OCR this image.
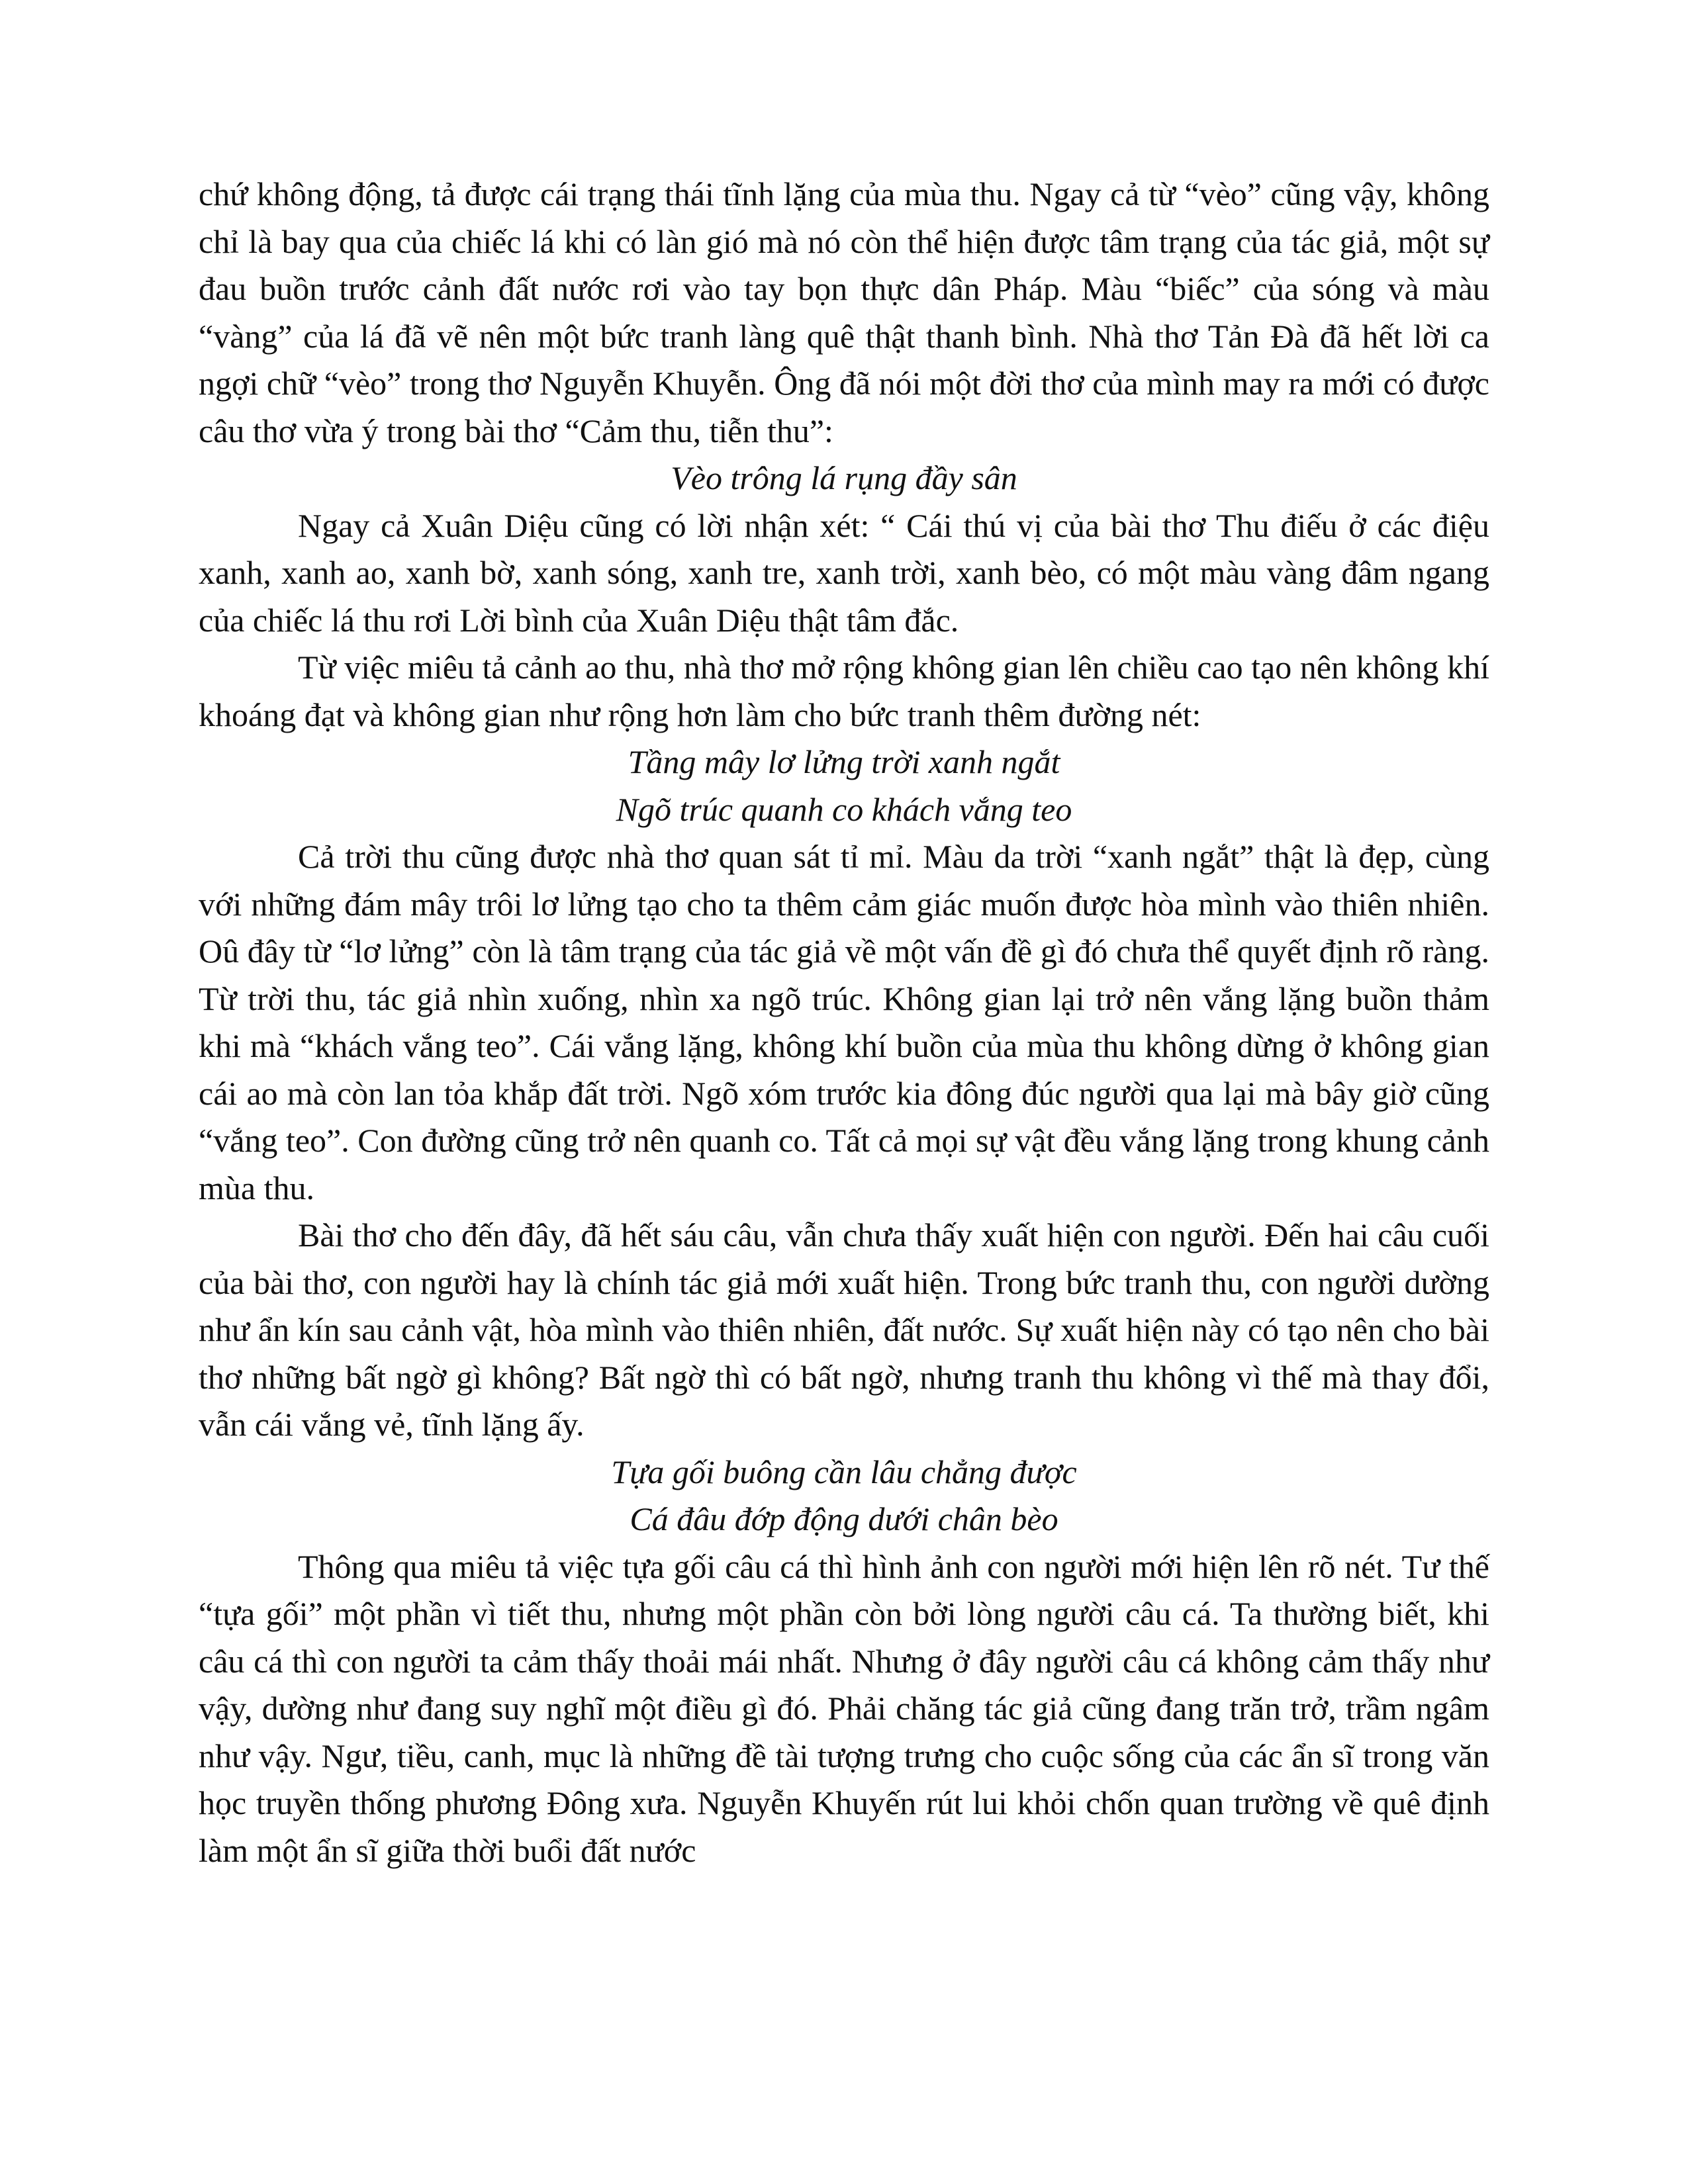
chứ không động, tả được cái trạng thái tĩnh lặng của mùa thu. Ngay cả từ “vèo” cũng vậy, không chỉ là bay qua của chiếc lá khi có làn gió mà nó còn thể hiện được tâm trạng của tác giả, một sự đau buồn trước cảnh đất nước rơi vào tay bọn thực dân Pháp. Màu “biếc” của sóng và màu “vàng” của lá đã vẽ nên một bức tranh làng quê thật thanh bình. Nhà thơ Tản Đà đã hết lời ca ngợi chữ “vèo” trong thơ Nguyễn Khuyễn. Ông đã nói một đời thơ của mình may ra mới có được câu thơ vừa ý trong bài thơ “Cảm thu, tiễn thu”:

Vèo trông lá rụng đầy sân

Ngay cả Xuân Diệu cũng có lời nhận xét: “ Cái thú vị của bài thơ Thu điếu ở các điệu xanh, xanh ao, xanh bờ, xanh sóng, xanh tre, xanh trời, xanh bèo, có một màu vàng đâm ngang của chiếc lá thu rơi Lời bình của Xuân Diệu thật tâm đắc.

Từ việc miêu tả cảnh ao thu, nhà thơ mở rộng không gian lên chiều cao tạo nên không khí khoáng đạt và không gian như rộng hơn làm cho bức tranh thêm đường nét:

Tầng mây lơ lửng trời xanh ngắt

Ngõ trúc quanh co khách vắng teo

Cả trời thu cũng được nhà thơ quan sát tỉ mỉ. Màu da trời “xanh ngắt” thật là đẹp, cùng với những đám mây trôi lơ lửng tạo cho ta thêm cảm giác muốn được hòa mình vào thiên nhiên. Oû đây từ “lơ lửng” còn là tâm trạng của tác giả về một vấn đề gì đó chưa thể quyết định rõ ràng. Từ trời thu, tác giả nhìn xuống, nhìn xa ngõ trúc. Không gian lại trở nên vắng lặng buồn thảm khi mà “khách vắng teo”. Cái vắng lặng, không khí buồn của mùa thu không dừng ở không gian cái ao mà còn lan tỏa khắp đất trời. Ngõ xóm trước kia đông đúc người qua lại mà bây giờ cũng “vắng teo”. Con đường cũng trở nên quanh co. Tất cả mọi sự vật đều vắng lặng trong khung cảnh mùa thu.

Bài thơ cho đến đây, đã hết sáu câu, vẫn chưa thấy xuất hiện con người. Đến hai câu cuối của bài thơ, con người hay là chính tác giả mới xuất hiện. Trong bức tranh thu, con người dường như ẩn kín sau cảnh vật, hòa mình vào thiên nhiên, đất nước. Sự xuất hiện này có tạo nên cho bài thơ những bất ngờ gì không? Bất ngờ thì có bất ngờ, nhưng tranh thu không vì thế mà thay đổi, vẫn cái vắng vẻ, tĩnh lặng ấy.

Tựa gối buông cần lâu chẳng được

Cá đâu đớp động dưới chân bèo

Thông qua miêu tả việc tựa gối câu cá thì hình ảnh con người mới hiện lên rõ nét. Tư thế “tựa gối” một phần vì tiết thu, nhưng một phần còn bởi lòng người câu cá. Ta thường biết, khi câu cá thì con người ta cảm thấy thoải mái nhất. Nhưng ở đây người câu cá không cảm thấy như vậy, dường như đang suy nghĩ một điều gì đó. Phải chăng tác giả cũng đang trăn trở, trầm ngâm như vậy. Ngư, tiều, canh, mục là những đề tài tượng trưng cho cuộc sống của các ẩn sĩ trong văn học truyền thống phương Đông xưa. Nguyễn Khuyến rút lui khỏi chốn quan trường về quê định làm một ẩn sĩ giữa thời buổi đất nước
